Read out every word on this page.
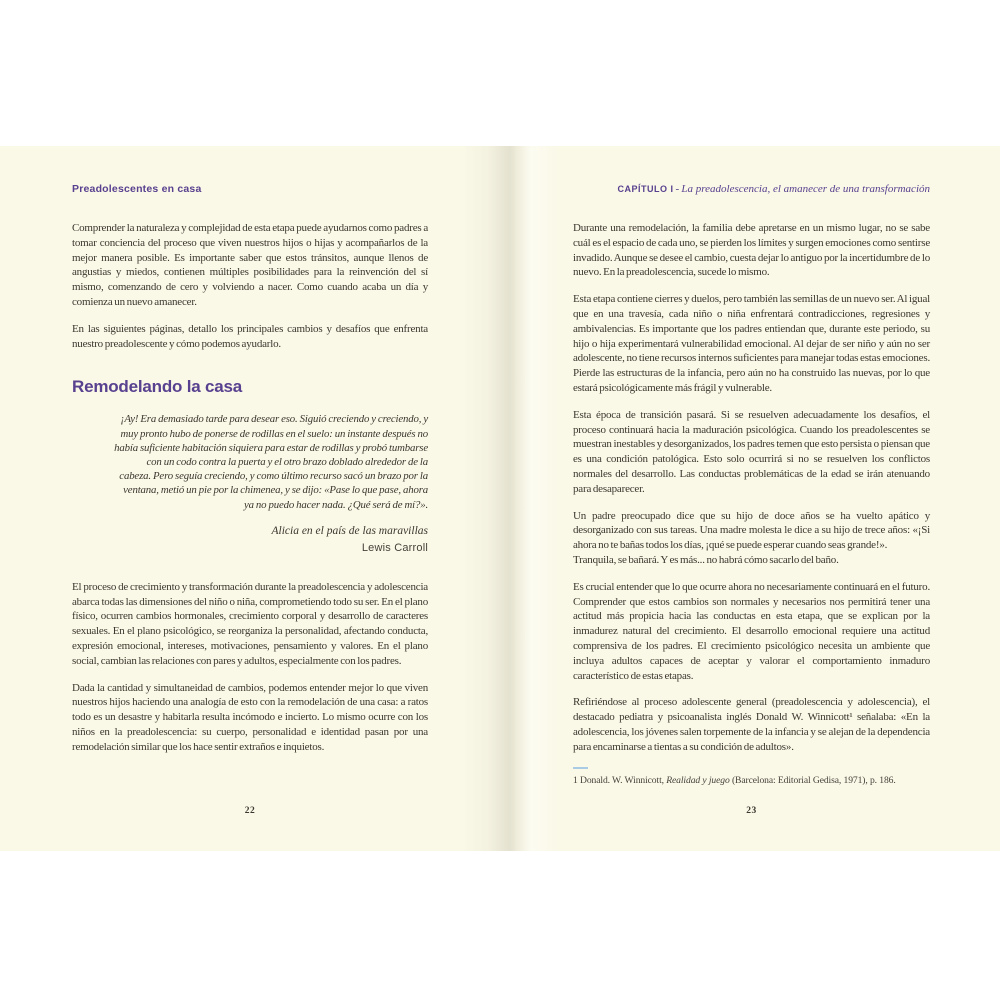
Preadolescentes en casa

Comprender la naturaleza y complejidad de esta etapa puede ayudarnos como padres a tomar conciencia del proceso que viven nuestros hijos o hijas y acompañarlos de la mejor manera posible. Es importante saber que estos tránsitos, aunque llenos de angustias y miedos, contienen múltiples posibilidades para la reinvención del sí mismo, comenzando de cero y volviendo a nacer. Como cuando acaba un día y comienza un nuevo amanecer.

En las siguientes páginas, detallo los principales cambios y desafíos que enfrenta nuestro preadolescente y cómo podemos ayudarlo.

Remodelando la casa
¡Ay! Era demasiado tarde para desear eso. Siguió creciendo y creciendo, y muy pronto hubo de ponerse de rodillas en el suelo: un instante después no había suficiente habitación siquiera para estar de rodillas y probó tumbarse con un codo contra la puerta y el otro brazo doblado alrededor de la cabeza. Pero seguía creciendo, y como último recurso sacó un brazo por la ventana, metió un pie por la chimenea, y se dijo: «Pase lo que pase, ahora ya no puedo hacer nada. ¿Qué será de mí?».
Alicia en el país de las maravillas
Lewis Carroll

El proceso de crecimiento y transformación durante la preadolescencia y adolescencia abarca todas las dimensiones del niño o niña, comprometiendo todo su ser. En el plano físico, ocurren cambios hormonales, crecimiento corporal y desarrollo de caracteres sexuales. En el plano psicológico, se reorganiza la personalidad, afectando conducta, expresión emocional, intereses, motivaciones, pensamiento y valores. En el plano social, cambian las relaciones con pares y adultos, especialmente con los padres.

Dada la cantidad y simultaneidad de cambios, podemos entender mejor lo que viven nuestros hijos haciendo una analogía de esto con la remodelación de una casa: a ratos todo es un desastre y habitarla resulta incómodo e incierto. Lo mismo ocurre con los niños en la preadolescencia: su cuerpo, personalidad e identidad pasan por una remodelación similar que los hace sentir extraños e inquietos.

CAPÍTULO I - La preadolescencia, el amanecer de una transformación

Durante una remodelación, la familia debe apretarse en un mismo lugar, no se sabe cuál es el espacio de cada uno, se pierden los límites y surgen emociones como sentirse invadido. Aunque se desee el cambio, cuesta dejar lo antiguo por la incertidumbre de lo nuevo. En la preadolescencia, sucede lo mismo.

Esta etapa contiene cierres y duelos, pero también las semillas de un nuevo ser. Al igual que en una travesía, cada niño o niña enfrentará contradicciones, regresiones y ambivalencias. Es importante que los padres entiendan que, durante este periodo, su hijo o hija experimentará vulnerabilidad emocional. Al dejar de ser niño y aún no ser adolescente, no tiene recursos internos suficientes para manejar todas estas emociones. Pierde las estructuras de la infancia, pero aún no ha construido las nuevas, por lo que estará psicológicamente más frágil y vulnerable.

Esta época de transición pasará. Si se resuelven adecuadamente los desafíos, el proceso continuará hacia la maduración psicológica. Cuando los preadolescentes se muestran inestables y desorganizados, los padres temen que esto persista o piensan que es una condición patológica. Esto solo ocurrirá si no se resuelven los conflictos normales del desarrollo. Las conductas problemáticas de la edad se irán atenuando para desaparecer.

Un padre preocupado dice que su hijo de doce años se ha vuelto apático y desorganizado con sus tareas. Una madre molesta le dice a su hijo de trece años: «¡Si ahora no te bañas todos los días, ¡qué se puede esperar cuando seas grande!».
Tranquila, se bañará. Y es más... no habrá cómo sacarlo del baño.

Es crucial entender que lo que ocurre ahora no necesariamente continuará en el futuro. Comprender que estos cambios son normales y necesarios nos permitirá tener una actitud más propicia hacia las conductas en esta etapa, que se explican por la inmadurez natural del crecimiento. El desarrollo emocional requiere una actitud comprensiva de los padres. El crecimiento psicológico necesita un ambiente que incluya adultos capaces de aceptar y valorar el comportamiento inmaduro característico de estas etapas.

Refiriéndose al proceso adolescente general (preadolescencia y adolescencia), el destacado pediatra y psicoanalista inglés Donald W. Winnicott¹ señalaba: «En la adolescencia, los jóvenes salen torpemente de la infancia y se alejan de la dependencia para encaminarse a tientas a su condición de adultos».

1 Donald. W. Winnicott, Realidad y juego (Barcelona: Editorial Gedisa, 1971), p. 186.
22	23
